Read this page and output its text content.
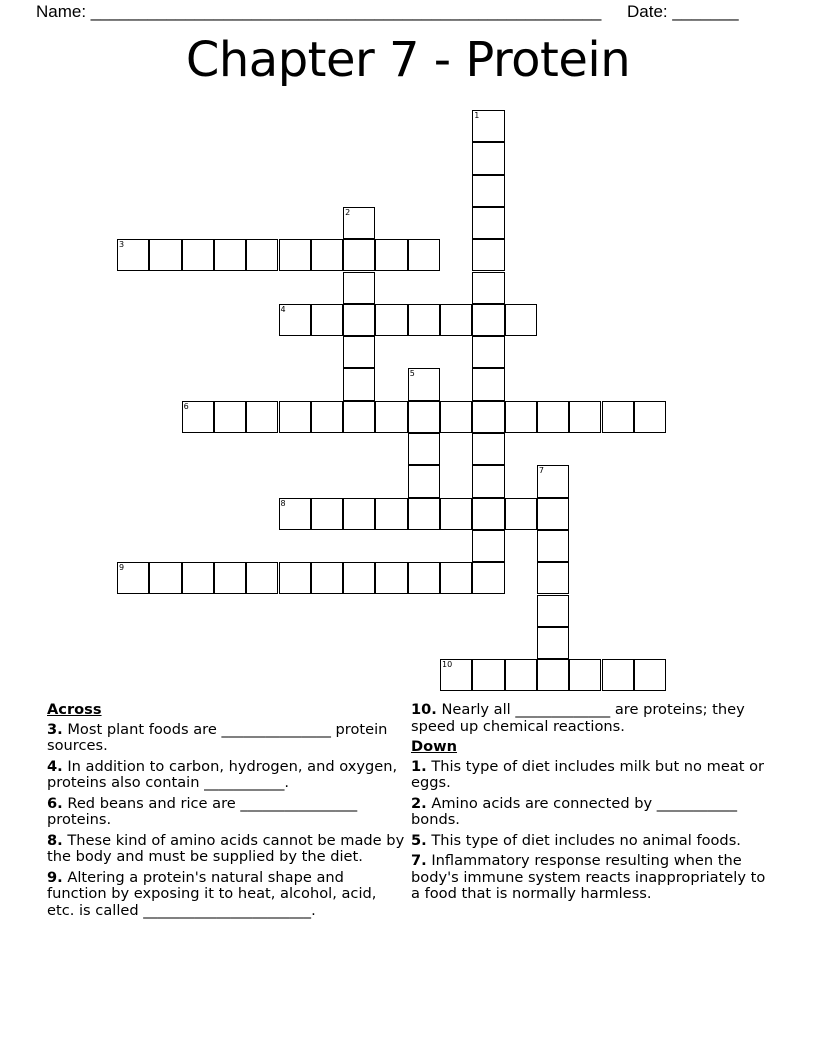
Name: ______________________________________________________ Date: _______
Chapter 7 - Protein
1
2
3
4
5
6
7
8
9
10
Across
3. Most plant foods are _______________ protein sources.
4. In addition to carbon, hydrogen, and oxygen, proteins also contain ___________.
6. Red beans and rice are ________________ proteins.
8. These kind of amino acids cannot be made by the body and must be supplied by the diet.
9. Altering a protein's natural shape and function by exposing it to heat, alcohol, acid, etc. is called _______________________.
10. Nearly all _____________ are proteins; they speed up chemical reactions.
Down
1. This type of diet includes milk but no meat or eggs.
2. Amino acids are connected by ___________ bonds.
5. This type of diet includes no animal foods.
7. Inflammatory response resulting when the body's immune system reacts inappropriately to a food that is normally harmless.
